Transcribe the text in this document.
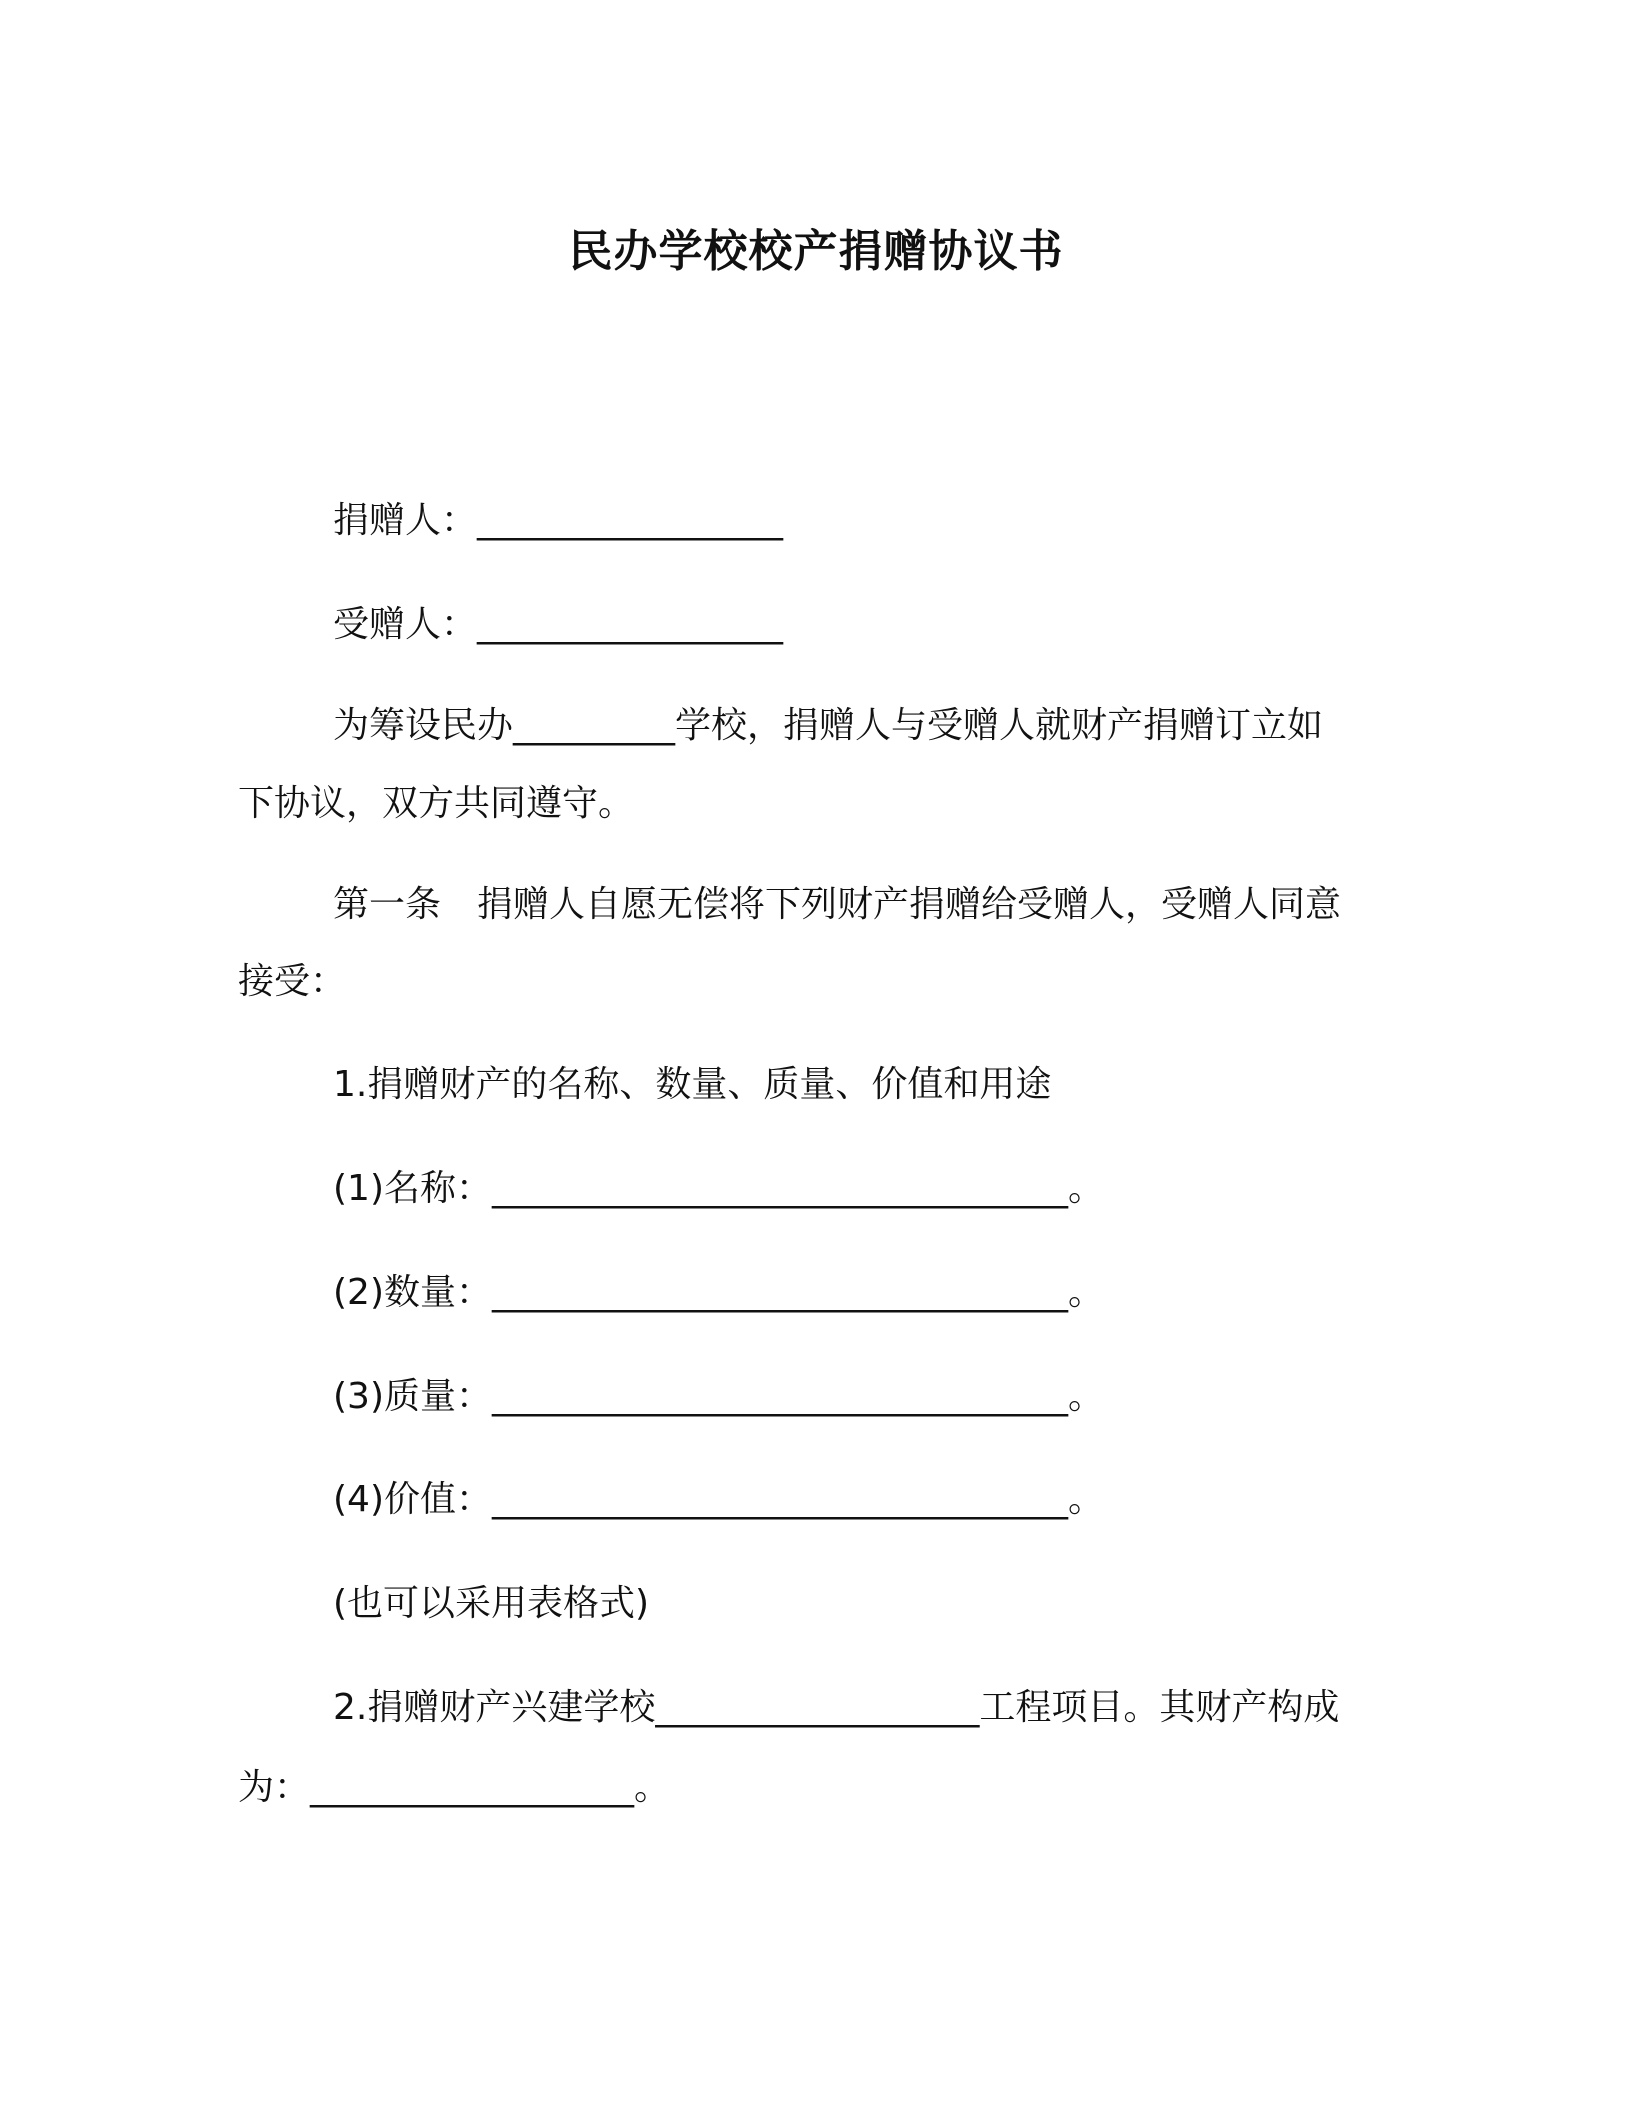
民办学校校产捐赠协议书
捐赠人：_________________
受赠人：_________________
为筹设民办_________学校，捐赠人与受赠人就财产捐赠订立如
下协议，双方共同遵守。
第一条　捐赠人自愿无偿将下列财产捐赠给受赠人，受赠人同意
接受：
1.捐赠财产的名称、数量、质量、价值和用途
(1)名称：________________________________。
(2)数量：________________________________。
(3)质量：________________________________。
(4)价值：________________________________。
(也可以采用表格式)
2.捐赠财产兴建学校__________________工程项目。其财产构成
为：__________________。
